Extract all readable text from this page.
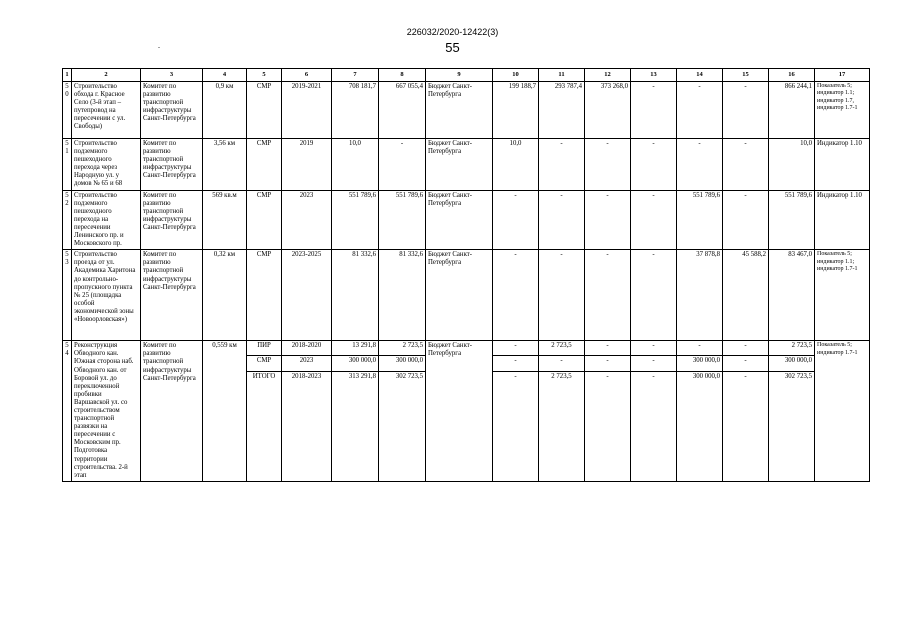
226032/2020-12422(3)
55
.
1	2	3	4	5	6	7	8	9	10	11	12	13	14	15	16	17
50	Строительство обхода г. Красное Село (3-й этап – путепровод на пересечении с ул. Свободы)	Комитет по развитию транспортной инфраструктуры Санкт-Петербурга	0,9 км	СМР	2019-2021	708 181,7	667 055,4	Бюджет Санкт-Петербурга	199 188,7	293 787,4	373 268,0	-	-	-	866 244,1	Показатель 5; индикатор 1.1; индикатор 1.7, индикатор 1.7-1
51	Строительство подземного пешеходного перехода через Народную ул. у домов № 65 и 68	Комитет по развитию транспортной инфраструктуры Санкт-Петербурга	3,56 км	СМР	2019	10,0	-	Бюджет Санкт-Петербурга	10,0	-	-	-	-	-	10,0	Индикатор 1.10
52	Строительство подземного пешеходного перехода на пересечении Ленинского пр. и Московского пр.	Комитет по развитию транспортной инфраструктуры Санкт-Петербурга	569 кв.м	СМР	2023	551 789,6	551 789,6	Бюджет Санкт-Петербурга	-	-	-	-	551 789,6	-	551 789,6	Индикатор 1.10
53	Строительство проезда от ул. Академика Харитона до контрольно-пропускного пункта № 25 (площадка особой экономической зоны «Новоорловская»)	Комитет по развитию транспортной инфраструктуры Санкт-Петербурга	0,32 км	СМР	2023-2025	81 332,6	81 332,6	Бюджет Санкт-Петербурга	-	-	-	-	37 878,8	45 588,2	83 467,0	Показатель 5; индикатор 1.1; индикатор 1.7-1
54	Реконструкция Обводного кан. Южная сторона наб. Обводного кан. от Боровой ул. до переключенной пробивки Варшавской ул. со строительством транспортной развязки на пересечении с Московским пр. Подготовка территории строительства. 2-й этап	Комитет по развитию транспортной инфраструктуры Санкт-Петербурга	0,559 км	ПИР	2018-2020	13 291,8	2 723,5	Бюджет Санкт-Петербурга	-	2 723,5	-	-	-	-	2 723,5	Показатель 5; индикатор 1.7-1
				СМР	2023	300 000,0	300 000,0		-	-	-	-	300 000,0	-	300 000,0	
				ИТОГО	2018-2023	313 291,8	302 723,5		-	2 723,5	-	-	300 000,0	-	302 723,5	
